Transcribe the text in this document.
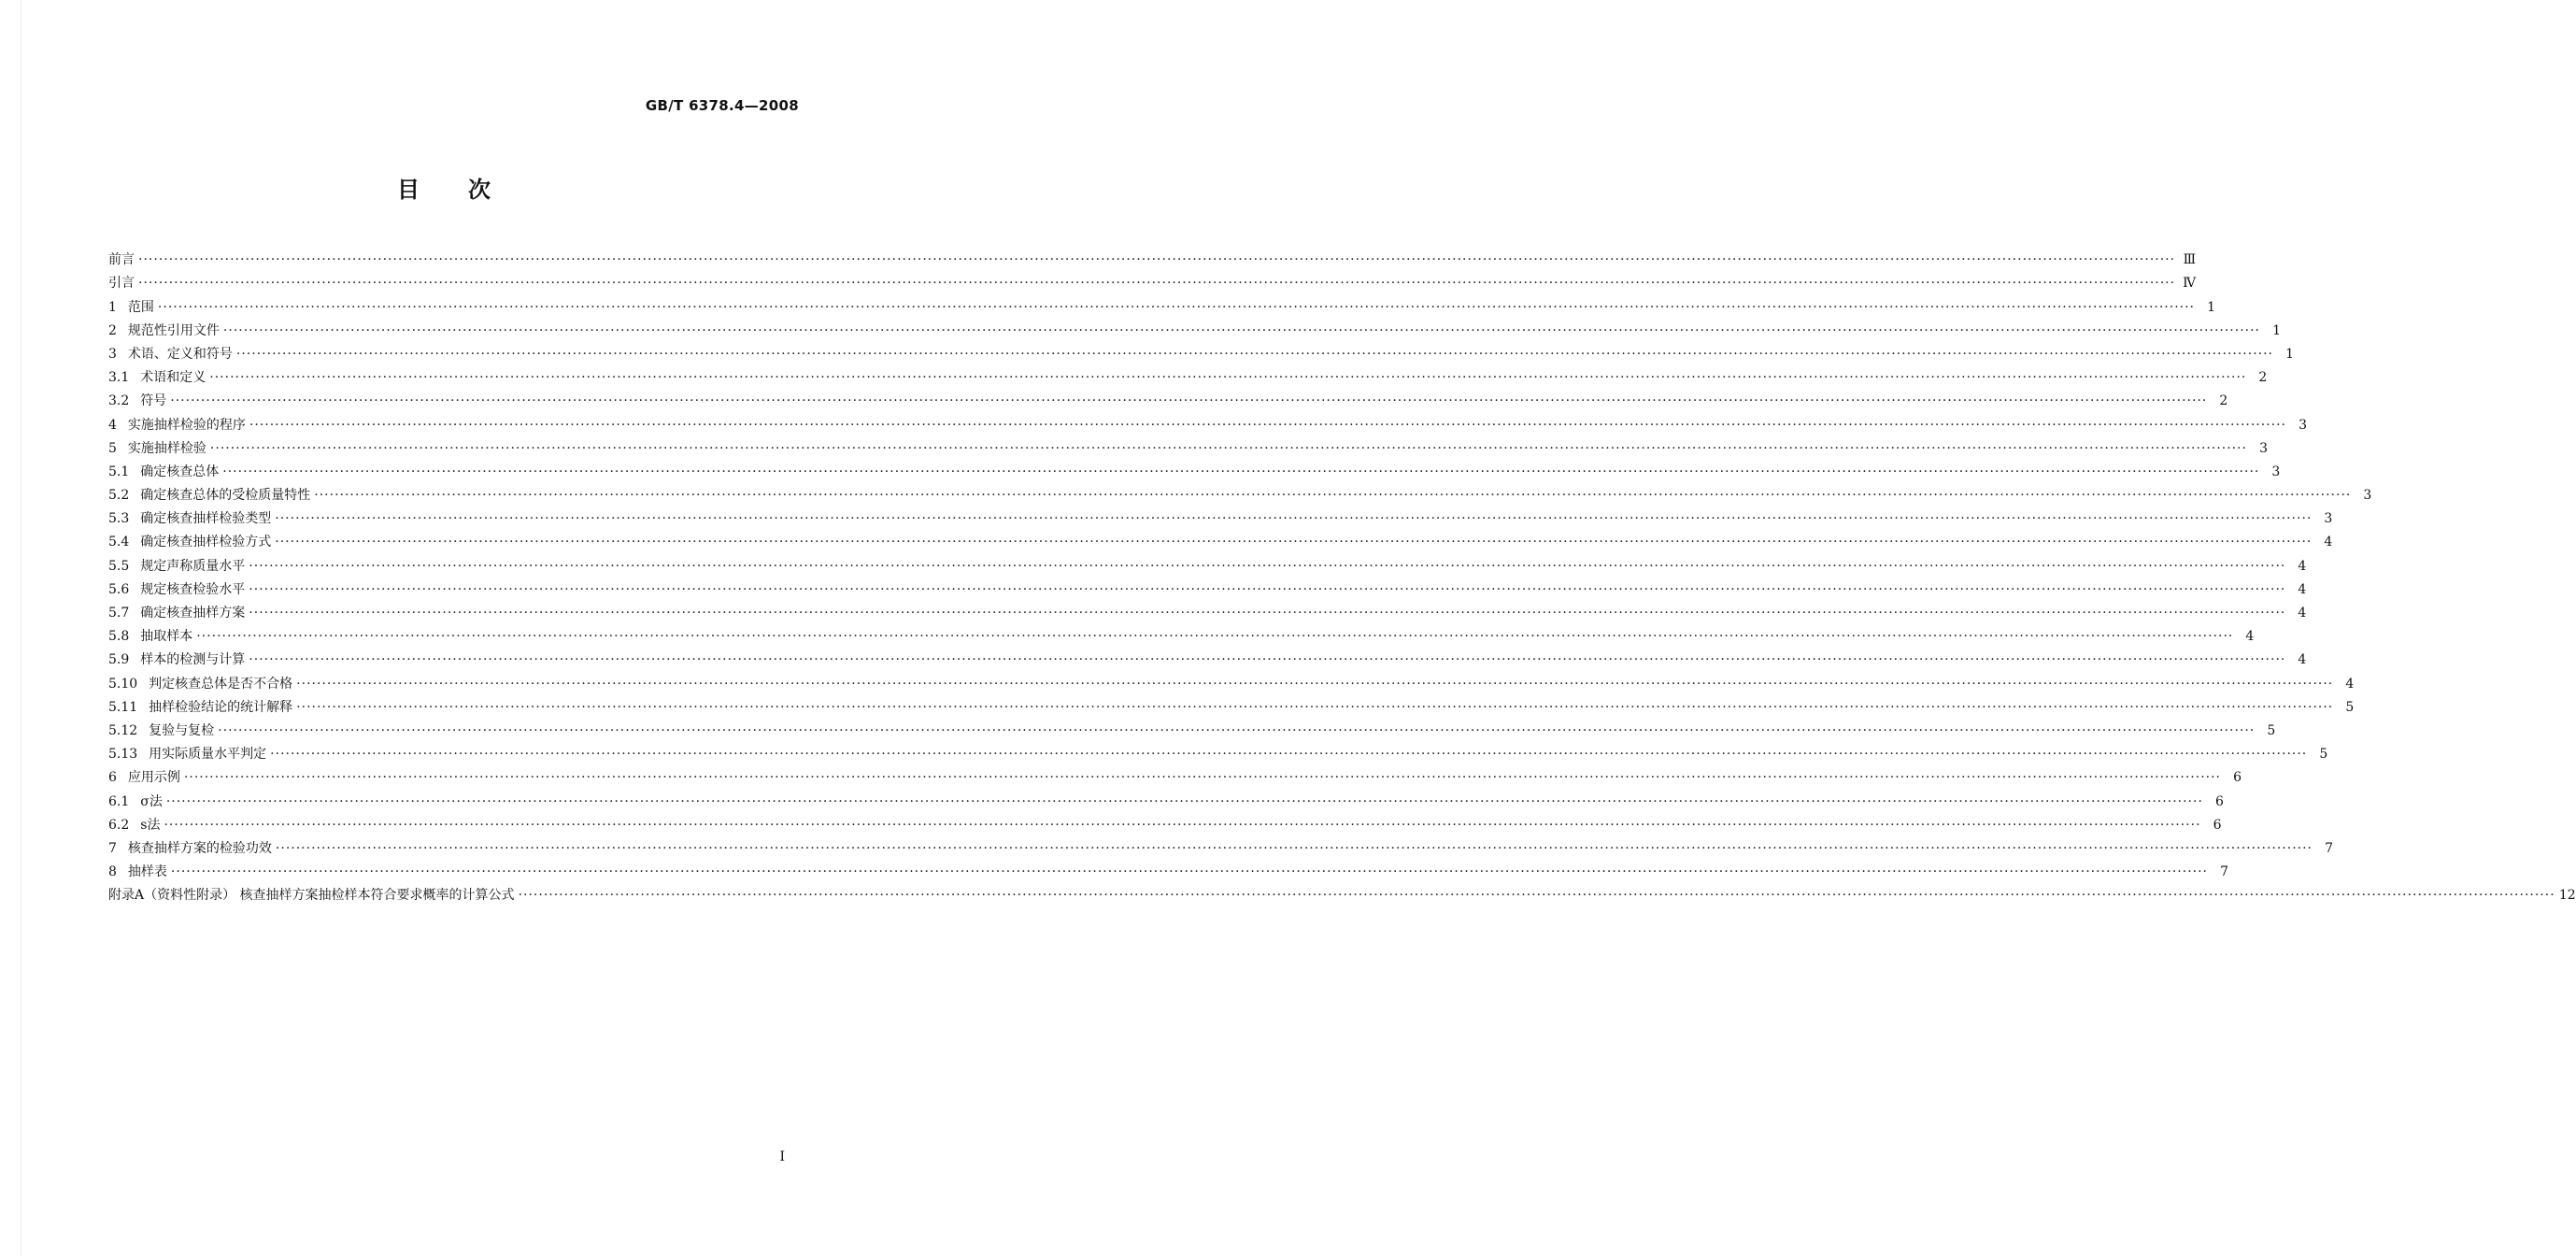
GB/T 6378.4—2008
目次
前言 ················································································································································································································································································································································································································ Ⅲ
引言 ················································································································································································································································································································································································································ Ⅳ
1 范围 ················································································································································································································································································································································································································ 1
2 规范性引用文件 ················································································································································································································································································································································································································ 1
3 术语、定义和符号 ················································································································································································································································································································································································································ 1
3.1 术语和定义 ················································································································································································································································································································································································································ 2
3.2 符号 ················································································································································································································································································································································································································ 2
4 实施抽样检验的程序 ················································································································································································································································································································································································································ 3
5 实施抽样检验 ················································································································································································································································································································································································································ 3
5.1 确定核查总体 ················································································································································································································································································································································································································ 3
5.2 确定核查总体的受检质量特性 ················································································································································································································································································································································································································ 3
5.3 确定核查抽样检验类型 ················································································································································································································································································································································································································ 3
5.4 确定核查抽样检验方式 ················································································································································································································································································································································································································ 4
5.5 规定声称质量水平 ················································································································································································································································································································································································································ 4
5.6 规定核查检验水平 ················································································································································································································································································································································································································ 4
5.7 确定核查抽样方案 ················································································································································································································································································································································································································ 4
5.8 抽取样本 ················································································································································································································································································································································································································ 4
5.9 样本的检测与计算 ················································································································································································································································································································································································································ 4
5.10 判定核查总体是否不合格 ················································································································································································································································································································································································································ 4
5.11 抽样检验结论的统计解释 ················································································································································································································································································································································································································ 5
5.12 复验与复检 ················································································································································································································································································································································································································ 5
5.13 用实际质量水平判定 ················································································································································································································································································································································································································ 5
6 应用示例 ················································································································································································································································································································································································································ 6
6.1 σ法 ················································································································································································································································································································································································································ 6
6.2 s法 ················································································································································································································································································································································································································ 6
7 核查抽样方案的检验功效 ················································································································································································································································································································································································································ 7
8 抽样表 ················································································································································································································································································································································································································ 7
附录A（资料性附录） 核查抽样方案抽检样本符合要求概率的计算公式 ················································································································································································································································································································································································································ 12
I
